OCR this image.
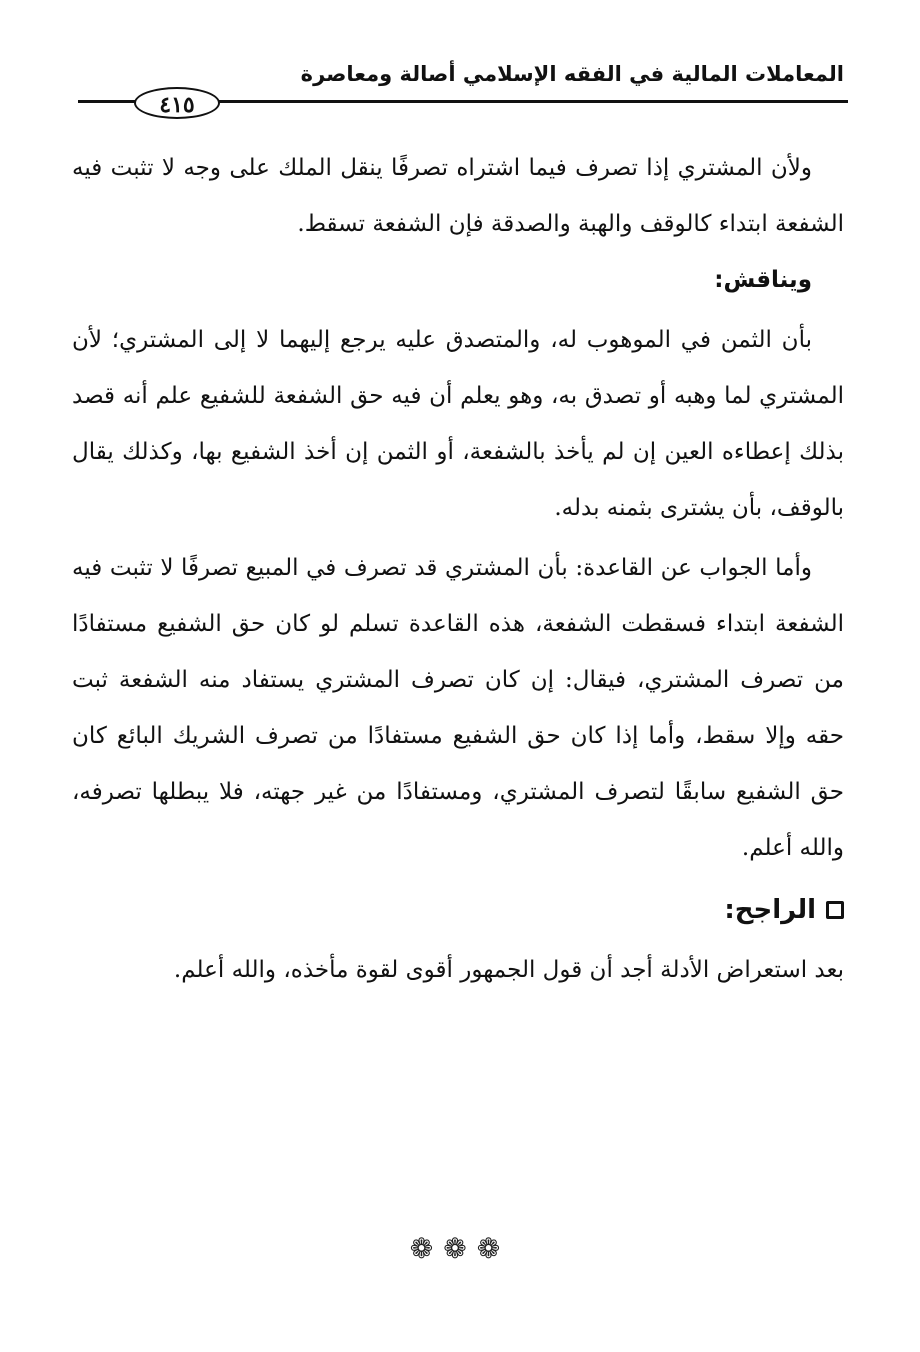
المعاملات المالية في الفقه الإسلامي أصالة ومعاصرة
٤١٥

ولأن المشتري إذا تصرف فيما اشتراه تصرفًا ينقل الملك على وجه لا تثبت فيه الشفعة ابتداء كالوقف والهبة والصدقة فإن الشفعة تسقط.

ويناقش:

بأن الثمن في الموهوب له، والمتصدق عليه يرجع إليهما لا إلى المشتري؛ لأن المشتري لما وهبه أو تصدق به، وهو يعلم أن فيه حق الشفعة للشفيع علم أنه قصد بذلك إعطاءه العين إن لم يأخذ بالشفعة، أو الثمن إن أخذ الشفيع بها، وكذلك يقال بالوقف، بأن يشترى بثمنه بدله.

وأما الجواب عن القاعدة: بأن المشتري قد تصرف في المبيع تصرفًا لا تثبت فيه الشفعة ابتداء فسقطت الشفعة، هذه القاعدة تسلم لو كان حق الشفيع مستفادًا من تصرف المشتري، فيقال: إن كان تصرف المشتري يستفاد منه الشفعة ثبت حقه وإلا سقط، وأما إذا كان حق الشفيع مستفادًا من تصرف الشريك البائع كان حق الشفيع سابقًا لتصرف المشتري، ومستفادًا من غير جهته، فلا يبطلها تصرفه، والله أعلم.

الراجح:

بعد استعراض الأدلة أجد أن قول الجمهور أقوى لقوة مأخذه، والله أعلم.

❁❁❁
